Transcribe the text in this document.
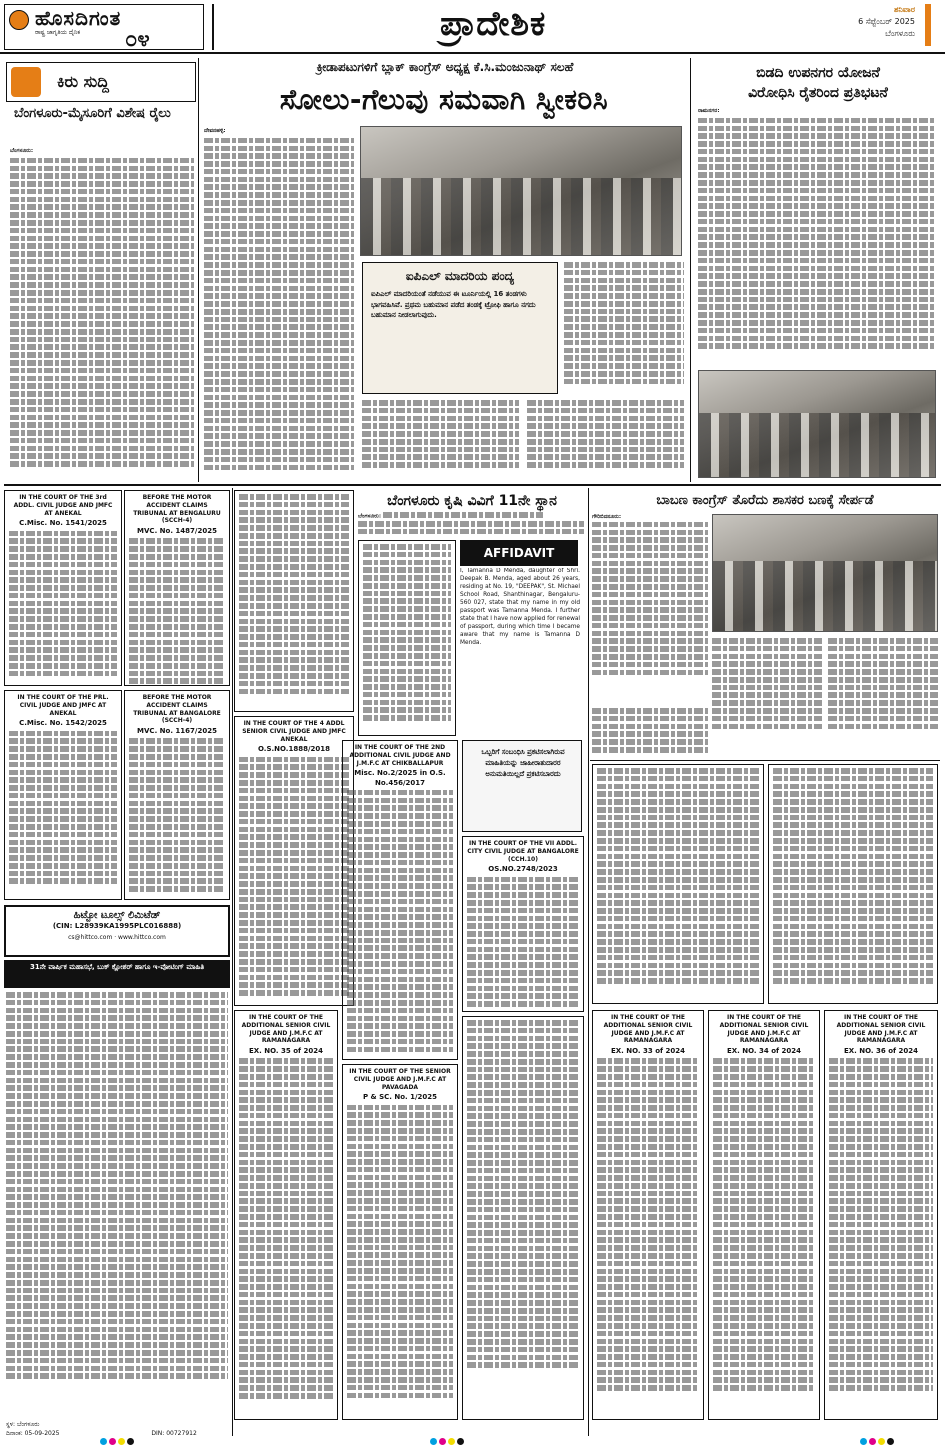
ಹೊಸದಿಗಂತ
ರಾಷ್ಟ್ರ ಜಾಗೃತಿಯ ದೈನಿಕ ೦೪	ಪ್ರಾದೇಶಿಕ	ಶನಿವಾರ
6 ಸೆಪ್ಟೆಂಬರ್ 2025
ಬೆಂಗಳೂರು
ಕಿರು ಸುದ್ದಿ
ಬೆಂಗಳೂರು-ಮೈಸೂರಿಗೆ ವಿಶೇಷ ರೈಲು
ಬೆಂಗಳೂರು:
ಕ್ರೀಡಾಪಟುಗಳಿಗೆ ಬ್ಲಾಕ್ ಕಾಂಗ್ರೆಸ್ ಅಧ್ಯಕ್ಷ ಕೆ.ಸಿ.ಮಂಜುನಾಥ್ ಸಲಹೆ
ಸೋಲು-ಗೆಲುವು ಸಮವಾಗಿ ಸ್ವೀಕರಿಸಿ
ದೇವನಹಳ್ಳಿ:
ಐಪಿಎಲ್ ಮಾದರಿಯ ಪಂದ್ಯ
ಐಪಿಎಲ್ ಮಾದರಿಯಂತೆ ನಡೆಯುವ ಈ ಟೂರ್ನಿಯಲ್ಲಿ 16 ತಂಡಗಳು ಭಾಗವಹಿಸಿವೆ. ಪ್ರಥಮ ಬಹುಮಾನ ಪಡೆದ ತಂಡಕ್ಕೆ ಟ್ರೋಫಿ ಹಾಗೂ ನಗದು ಬಹುಮಾನ ನೀಡಲಾಗುವುದು.
ಬಿಡದಿ ಉಪನಗರ ಯೋಜನೆ
ವಿರೋಧಿಸಿ ರೈತರಿಂದ ಪ್ರತಿಭಟನೆ
ರಾಮನಗರ:
IN THE COURT OF THE 3rd ADDL. CIVIL JUDGE AND JMFC AT ANEKAL
C.Misc. No. 1541/2025
BEFORE THE MOTOR ACCIDENT CLAIMS TRIBUNAL AT BENGALURU (SCCH-4)
MVC. No. 1487/2025
IN THE COURT OF THE PRL. CIVIL JUDGE AND JMFC AT ANEKAL
C.Misc. No. 1542/2025
BEFORE THE MOTOR ACCIDENT CLAIMS TRIBUNAL AT BANGALORE (SCCH-4)
MVC. No. 1167/2025
ಹಿಟ್ಟೋ ಟೂಲ್ಸ್ ಲಿಮಿಟೆಡ್
(CIN: L28939KA1995PLC016888)
cs@hittco.com · www.hittco.com
31ನೇ ವಾರ್ಷಿಕ ಮಹಾಸಭೆ, ಬುಕ್ ಕ್ಲೋಶರ್ ಹಾಗೂ ಇ-ವೋಟಿಂಗ್ ಮಾಹಿತಿ
ಸ್ಥಳ: ಬೆಂಗಳೂರು
ದಿನಾಂಕ: 05-09-2025	DIN: 00727912
IN THE COURT OF THE 4 ADDL SENIOR CIVIL JUDGE AND JMFC ANEKAL
O.S.NO.1888/2018
IN THE COURT OF THE ADDITIONAL SENIOR CIVIL JUDGE AND J.M.F.C AT RAMANAGARA
EX. NO. 35 of 2024
ಬೆಂಗಳೂರು ಕೃಷಿ ವಿವಿಗೆ 11ನೇ ಸ್ಥಾನ
ಬೆಂಗಳೂರು:
AFFIDAVIT
I, Tamanna D Menda, daughter of Shri. Deepak B. Menda, aged about 26 years, residing at No. 19, "DEEPAK", St. Michael School Road, Shanthinagar, Bengaluru-560 027, state that my name in my old passport was Tamanna Menda. I further state that I have now applied for renewal of passport, during which time I became aware that my name is Tamanna D Menda.
ಒಬ್ಬರಿಗೆ ಸಂಬಂಧಿಸಿ ಪ್ರಕಟಿಸಲಾಗಿರುವ ಮಾಹಿತಿಯನ್ನು ಜಾಹೀರಾತುದಾರರ ಅನುಮತಿಯಿಲ್ಲದೆ ಪ್ರಕಟಿಸಬಾರದು
IN THE COURT OF THE 2ND ADDITIONAL CIVIL JUDGE AND J.M.F.C AT CHIKBALLAPUR
Misc. No.2/2025 in O.S. No.456/2017
IN THE COURT OF THE VII ADDL. CITY CIVIL JUDGE AT BANGALORE (CCH.10)
OS.NO.2748/2023
IN THE COURT OF THE SENIOR CIVIL JUDGE AND J.M.F.C AT PAVAGADA
P & SC. No. 1/2025
ಬಾಬಣ ಕಾಂಗ್ರೆಸ್ ತೊರೆದು ಶಾಸಕರ ಬಣಕ್ಕೆ ಸೇರ್ಪಡೆ
ಗೌರಿಬಿದನೂರು:
IN THE COURT OF THE ADDITIONAL SENIOR CIVIL JUDGE AND J.M.F.C AT RAMANAGARA
EX. NO. 33 of 2024
IN THE COURT OF THE ADDITIONAL SENIOR CIVIL JUDGE AND J.M.F.C AT RAMANAGARA
EX. NO. 34 of 2024
IN THE COURT OF THE ADDITIONAL SENIOR CIVIL JUDGE AND J.M.F.C AT RAMANAGARA
EX. NO. 36 of 2024
